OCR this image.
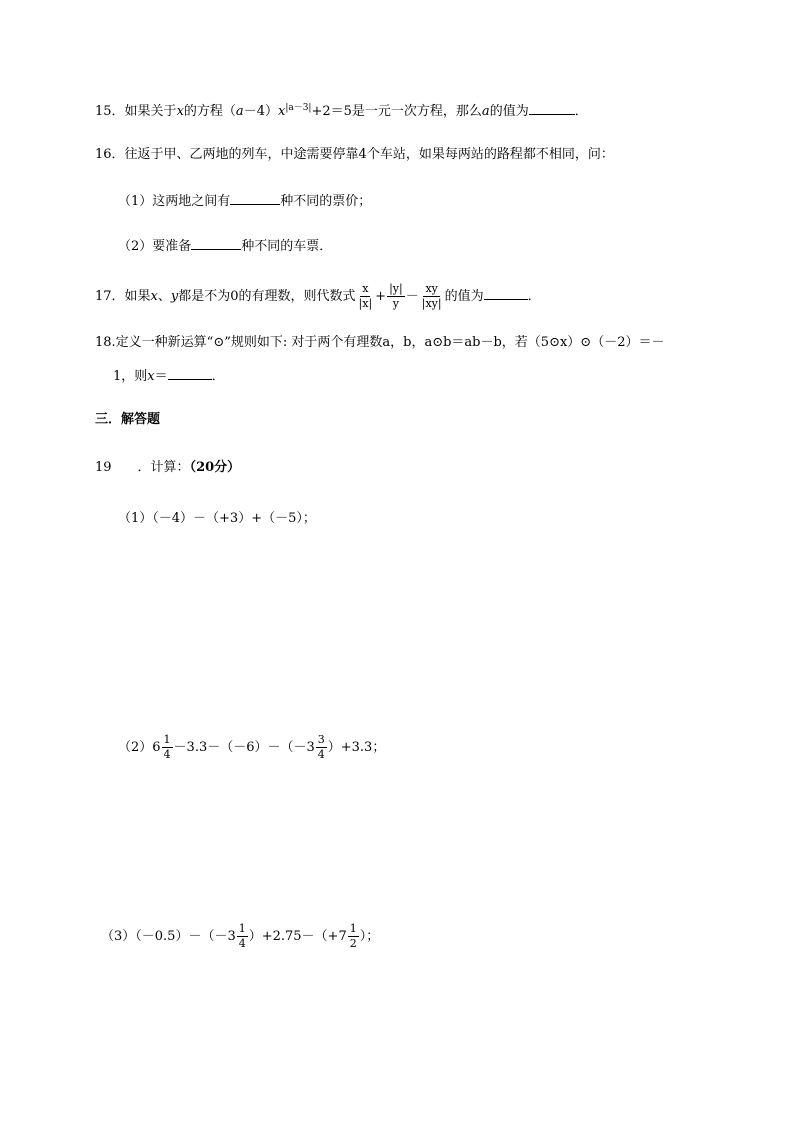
15．如果关于x的方程$(a-4)x^{|a-3|}+2=5$是一元一次方程，那么a的值为	．
16．往返于甲、乙两地的列车，中途需要停靠4个车站，如果每两站的路程都不相同，问：
（1）这两地之间有	种不同的票价；
（2）要准备	种不同的车票．
17．如果x、y都是不为0的有理数，则代数式 $\frac{x}{|x|} + \frac{|y|}{y} - \frac{xy}{|xy|}$ 的值为	．
18.定义一种新运算“⊙”规则如下: 对于两个有理数a，b，a⊙b＝ab－b，若（5⊙x）⊙（－2）＝－
1，则x＝	．
三．解答题
19 ．计算：（20分）
（1）（－4）－（+3）+（－5）；
$(2)6 \frac{1}{4} -3.3-(-6)-(-3 \frac{3}{4} )+3.3$；
$(3)(-0.5)-(-3 \frac{1}{4} )+2.75-(+7 \frac{1}{2}$ ）；
